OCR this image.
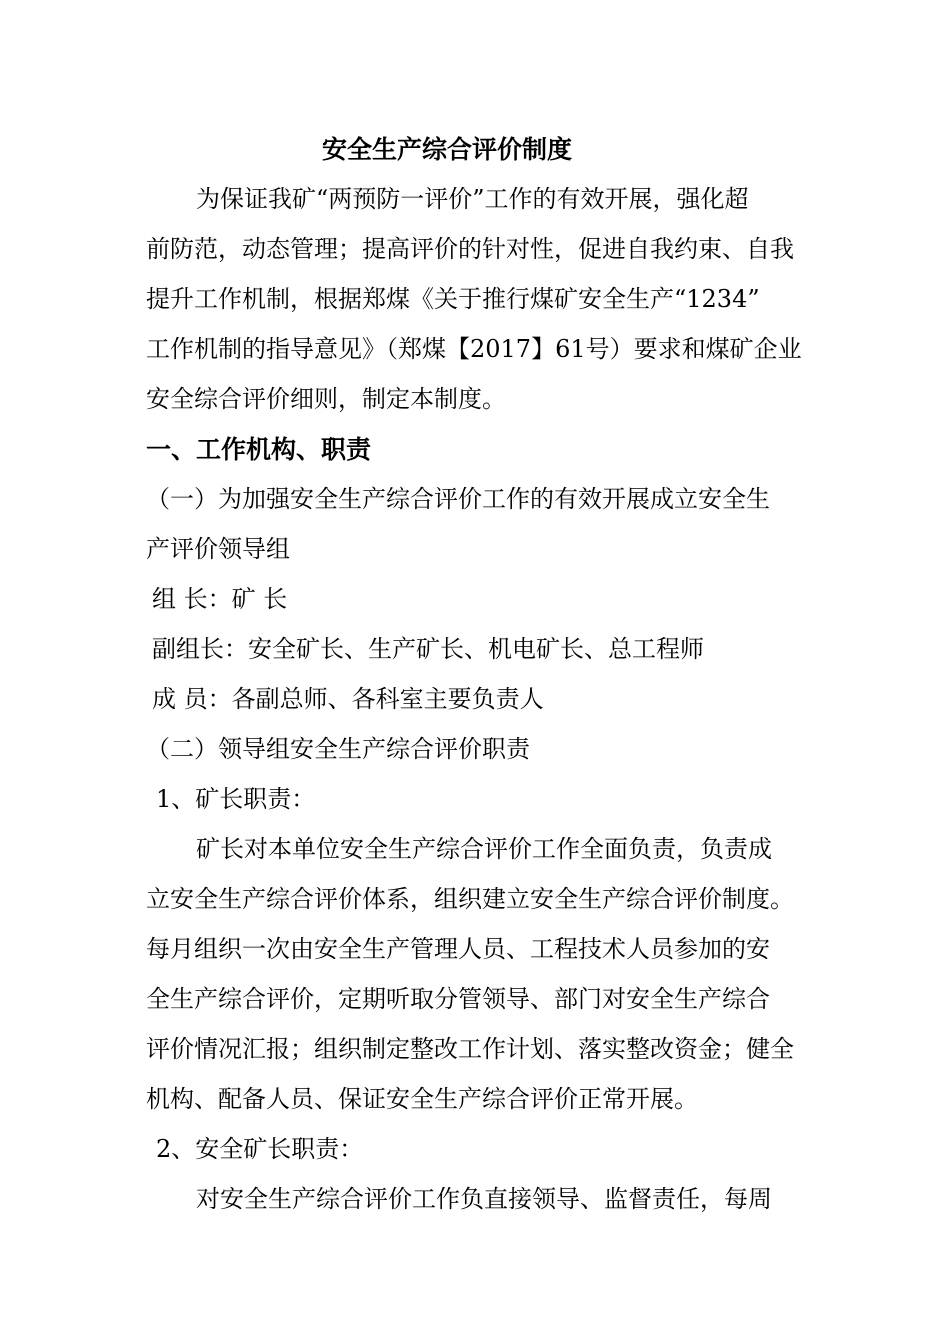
安全生产综合评价制度
为保证我矿“两预防一评价”工作的有效开展，强化超
前防范，动态管理；提高评价的针对性，促进自我约束、自我
提升工作机制，根据郑煤《关于推行煤矿安全生产“1234”
工作机制的指导意见》（郑煤【2017】61号）要求和煤矿企业
安全综合评价细则，制定本制度。
一、工作机构、职责
（一）为加强安全生产综合评价工作的有效开展成立安全生
产评价领导组
组 长：矿 长
副组长：安全矿长、生产矿长、机电矿长、总工程师
成 员：各副总师、各科室主要负责人
（二）领导组安全生产综合评价职责
1、矿长职责：
矿长对本单位安全生产综合评价工作全面负责，负责成
立安全生产综合评价体系，组织建立安全生产综合评价制度。
每月组织一次由安全生产管理人员、工程技术人员参加的安
全生产综合评价，定期听取分管领导、部门对安全生产综合
评价情况汇报；组织制定整改工作计划、落实整改资金；健全
机构、配备人员、保证安全生产综合评价正常开展。
2、安全矿长职责：
对安全生产综合评价工作负直接领导、监督责任，每周
